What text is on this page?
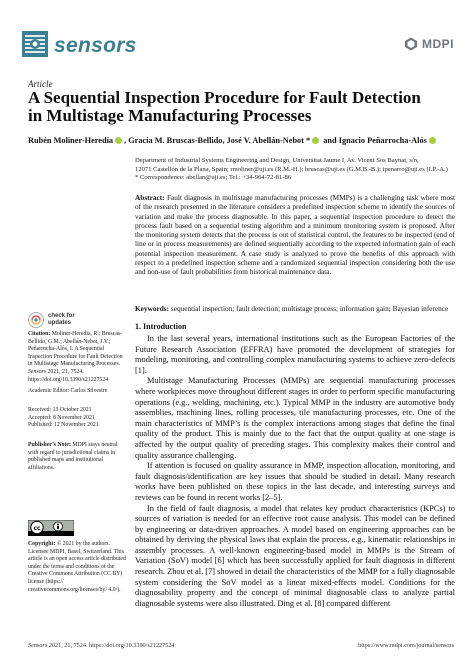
sensors	MDPI
Article
A Sequential Inspection Procedure for Fault Detection in Multistage Manufacturing Processes
Rubén Moliner-Heredia , Gracia M. Bruscas-Bellido, José V. Abellán-Nebot * and Ignacio Peñarrocha-Alós
Department of Industrial Systems Engineering and Design, Universitat Jaume I, Av. Vicent Sos Baynat, s/n,
12071 Castellón de la Plana, Spain; rmoliner@uji.es (R.M.-H.); bruscas@uji.es (G.M.B.-B.); ipenarro@uji.es (I.P.-A.)
* Correspondence: abellan@uji.es; Tel.: +34-964-72-81-86
Abstract: Fault diagnosis in multistage manufacturing processes (MMPs) is a challenging task where most of the research presented in the literature considers a predefined inspection scheme to identify the sources of variation and make the process diagnosable. In this paper, a sequential inspection procedure to detect the process fault based on a sequential testing algorithm and a minimum monitoring system is proposed. After the monitoring system detects that the process is out of statistical control, the features to be inspected (end of line or in process measurements) are defined sequentially according to the expected information gain of each potential inspection measurement. A case study is analyzed to prove the benefits of this approach with respect to a predefined inspection scheme and a randomized sequential inspection considering both the use and non-use of fault probabilities from historical maintenance data.
Keywords: sequential inspection; fault detection; multistage process; information gain; Bayesian inference
check for
updates
Citation: Moliner-Heredia, R.; Bruscas-Bellido, G.M.; Abellán-Nebot, J.V.; Peñarrocha-Alós, I. A Sequential Inspection Procedure for Fault Detection in Multistage Manufacturing Processes. Sensors 2021, 21, 7524. https://doi.org/10.3390/s21227524
Academic Editor: Carlos Silvestre
Received: 13 October 2021
Accepted: 8 November 2021
Published: 12 November 2021
Publisher’s Note: MDPI stays neutral with regard to jurisdictional claims in published maps and institutional affiliations.
cc
Copyright: © 2021 by the authors. Licensee MDPI, Basel, Switzerland. This article is an open access article distributed under the terms and conditions of the Creative Commons Attribution (CC BY) license (https:// creativecommons.org/licenses/by/ 4.0/).
1. Introduction

In the last several years, international institutions such as the European Factories of the Future Research Association (EFFRA) have promoted the development of strategies for modeling, monitoring, and controlling complex manufacturing systems to achieve zero-defects [1].

Multistage Manufacturing Processes (MMPs) are sequential manufacturing processes where workpieces move throughout different stages in order to perform specific manufacturing operations (e.g., welding, machining, etc.). Typical MMP in the industry are automotive body assemblies, machining lines, rolling processes, tile manufacturing processes, etc. One of the main characteristics of MMP’s is the complex interactions among stages that define the final quality of the product. This is mainly due to the fact that the output quality at one stage is affected by the output quality of preceding stages. This complexity makes their control and quality assurance challenging.

If attention is focused on quality assurance in MMP, inspection allocation, monitoring, and fault diagnosis/identification are key issues that should be studied in detail. Many research works have been published on these topics in the last decade, and interesting surveys and reviews can be found in recent works [2–5].

In the field of fault diagnosis, a model that relates key product characteristics (KPCs) to sources of variation is needed for an effective root cause analysis. This model can be defined by engineering or data-driven approaches. A model based on engineering approaches can be obtained by deriving the physical laws that explain the process, e.g., kinematic relationships in assembly processes. A well-known engineering-based model in MMPs is the Stream of Variation (SoV) model [6] which has been successfully applied for fault diagnosis in different research. Zhou et al. [7] showed in detail the characteristics of the MMP for a fully diagnosable system considering the SoV model as a linear mixed-effects model. Conditions for the diagnosability property and the concept of minimal diagnosable class to analyze partial diagnosable systems were also illustrated. Ding et al. [8] compared different

Sensors 2021, 21, 7524. https://doi.org/10.3390/s21227524	https://www.mdpi.com/journal/sensors
